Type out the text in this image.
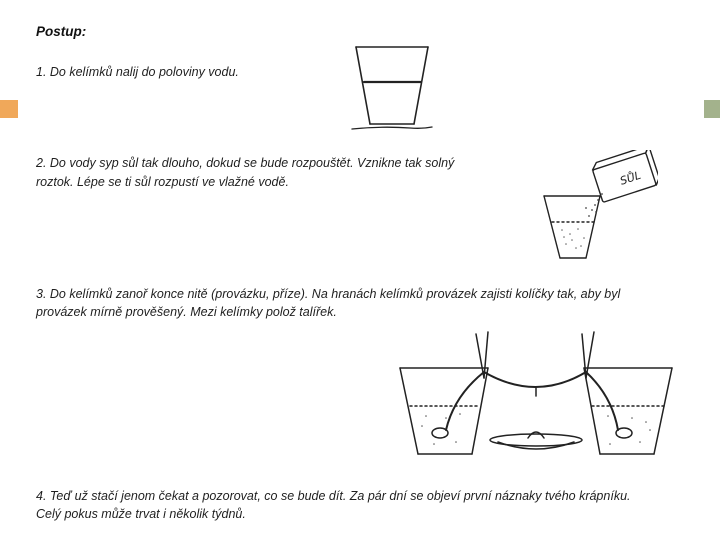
Postup:
1. Do kelímků nalij do poloviny vodu.
2. Do vody syp sůl tak dlouho, dokud se bude rozpouštět. Vznikne tak solný
roztok. Lépe se ti sůl rozpustí ve vlažné vodě.	SŮL
3. Do kelímků zanoř konce nitě (provázku, příze). Na hranách kelímků provázek zajisti kolíčky tak, aby byl
provázek mírně prověšený. Mezi kelímky polož talířek.
4. Teď už stačí jenom čekat a pozorovat, co se bude dít. Za pár dní se objeví první náznaky tvého krápníku.
Celý pokus může trvat i několik týdnů.
